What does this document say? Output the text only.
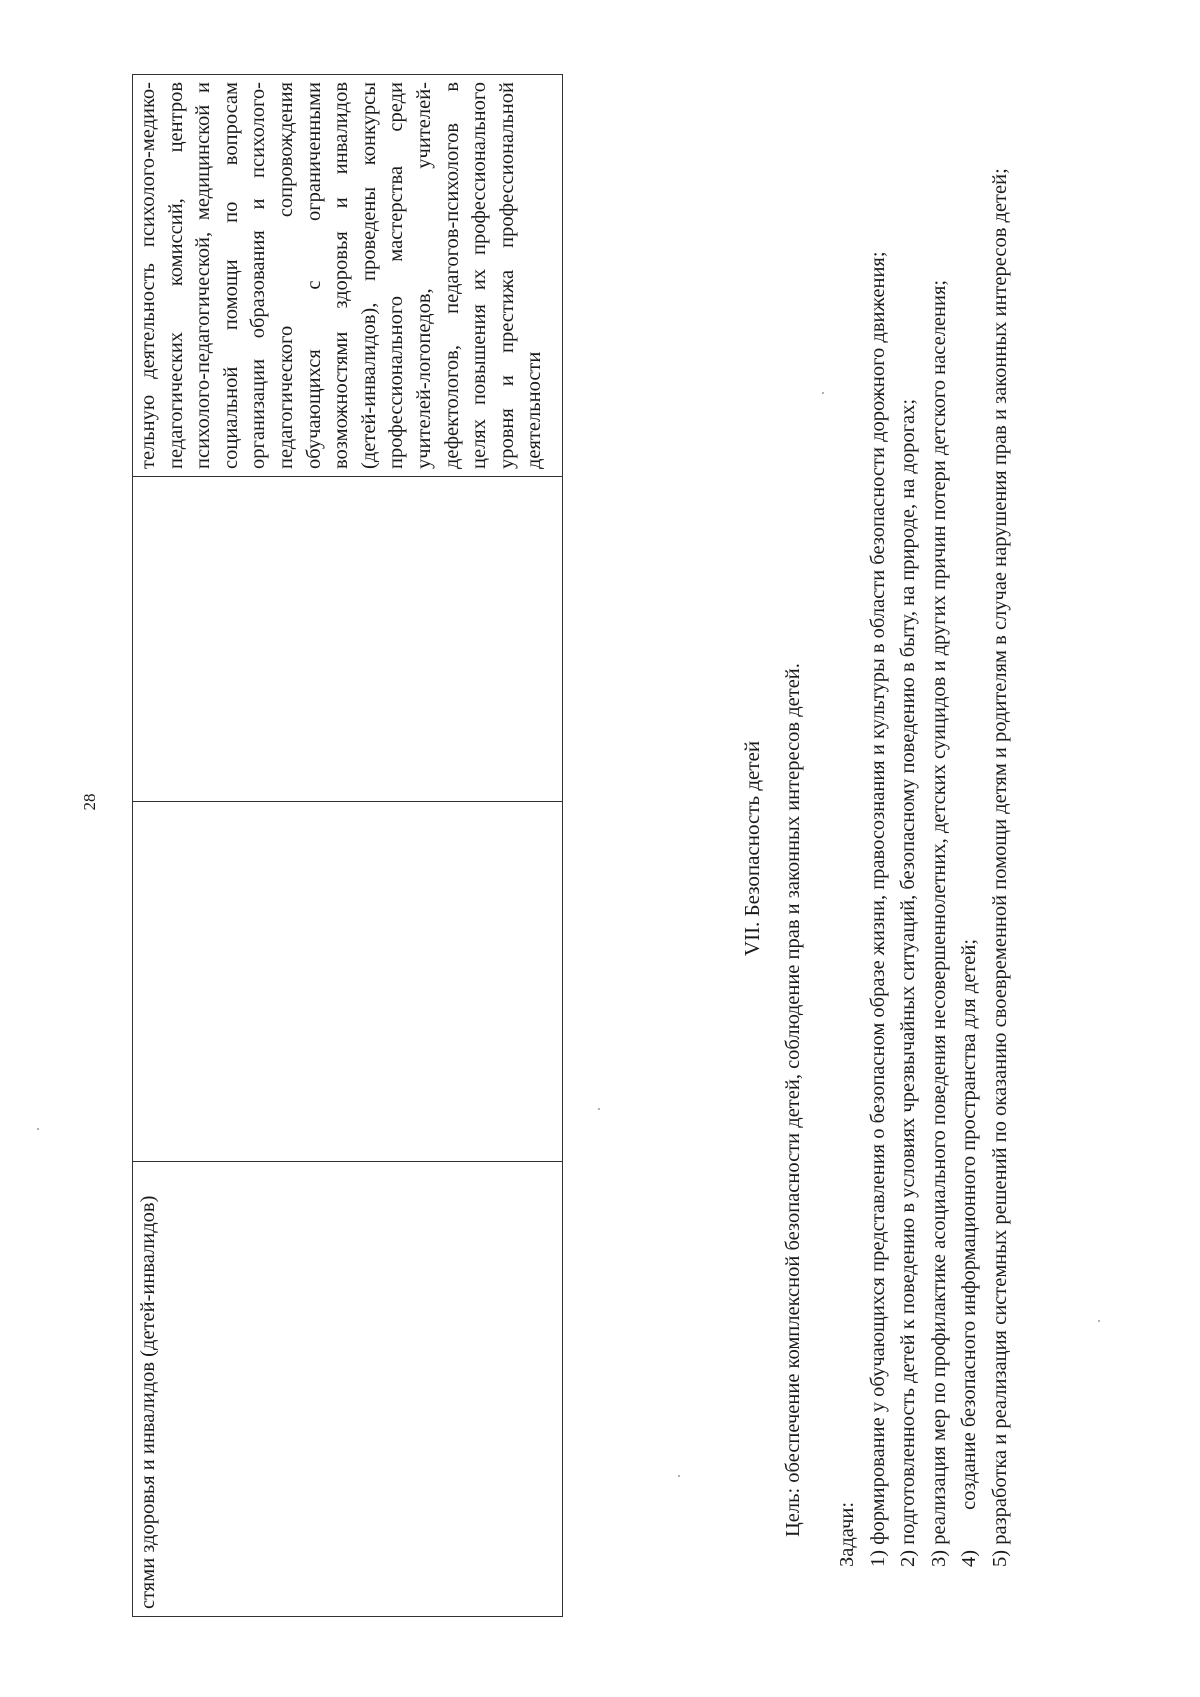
28
стями здоровья и инвалидов (детей-инвалидов)			тельную деятельность психолого-медико-педагогических комиссий, центров психолого-педагогической, медицинской и социальной помощи по вопросам организации образования и психолого-педагогического сопровождения обучающихся с ограниченными возможностями здоровья и инвалидов (детей-инвалидов), проведены конкурсы профессионального мастерства среди учителей-логопедов, учителей-дефектологов, педагогов-психологов в целях повышения их профессионального уровня и престижа профессиональной деятельности
VII. Безопасность детей Цель: обеспечение комплексной безопасности детей, соблюдение прав и законных интересов детей. Задачи: 1) формирование у обучающихся представления о безопасном образе жизни, правосознания и культуры в области безопасности дорожного движения; 2) подготовленность детей к поведению в условиях чрезвычайных ситуаций, безопасному поведению в быту, на природе, на дорогах; 3) реализация мер по профилактике асоциального поведения несовершеннолетних, детских суицидов и других причин потери детского населения; 4)создание безопасного информационного пространства для детей; 5) разработка и реализация системных решений по оказанию своевременной помощи детям и родителям в случае нарушения прав и законных интересов детей;
